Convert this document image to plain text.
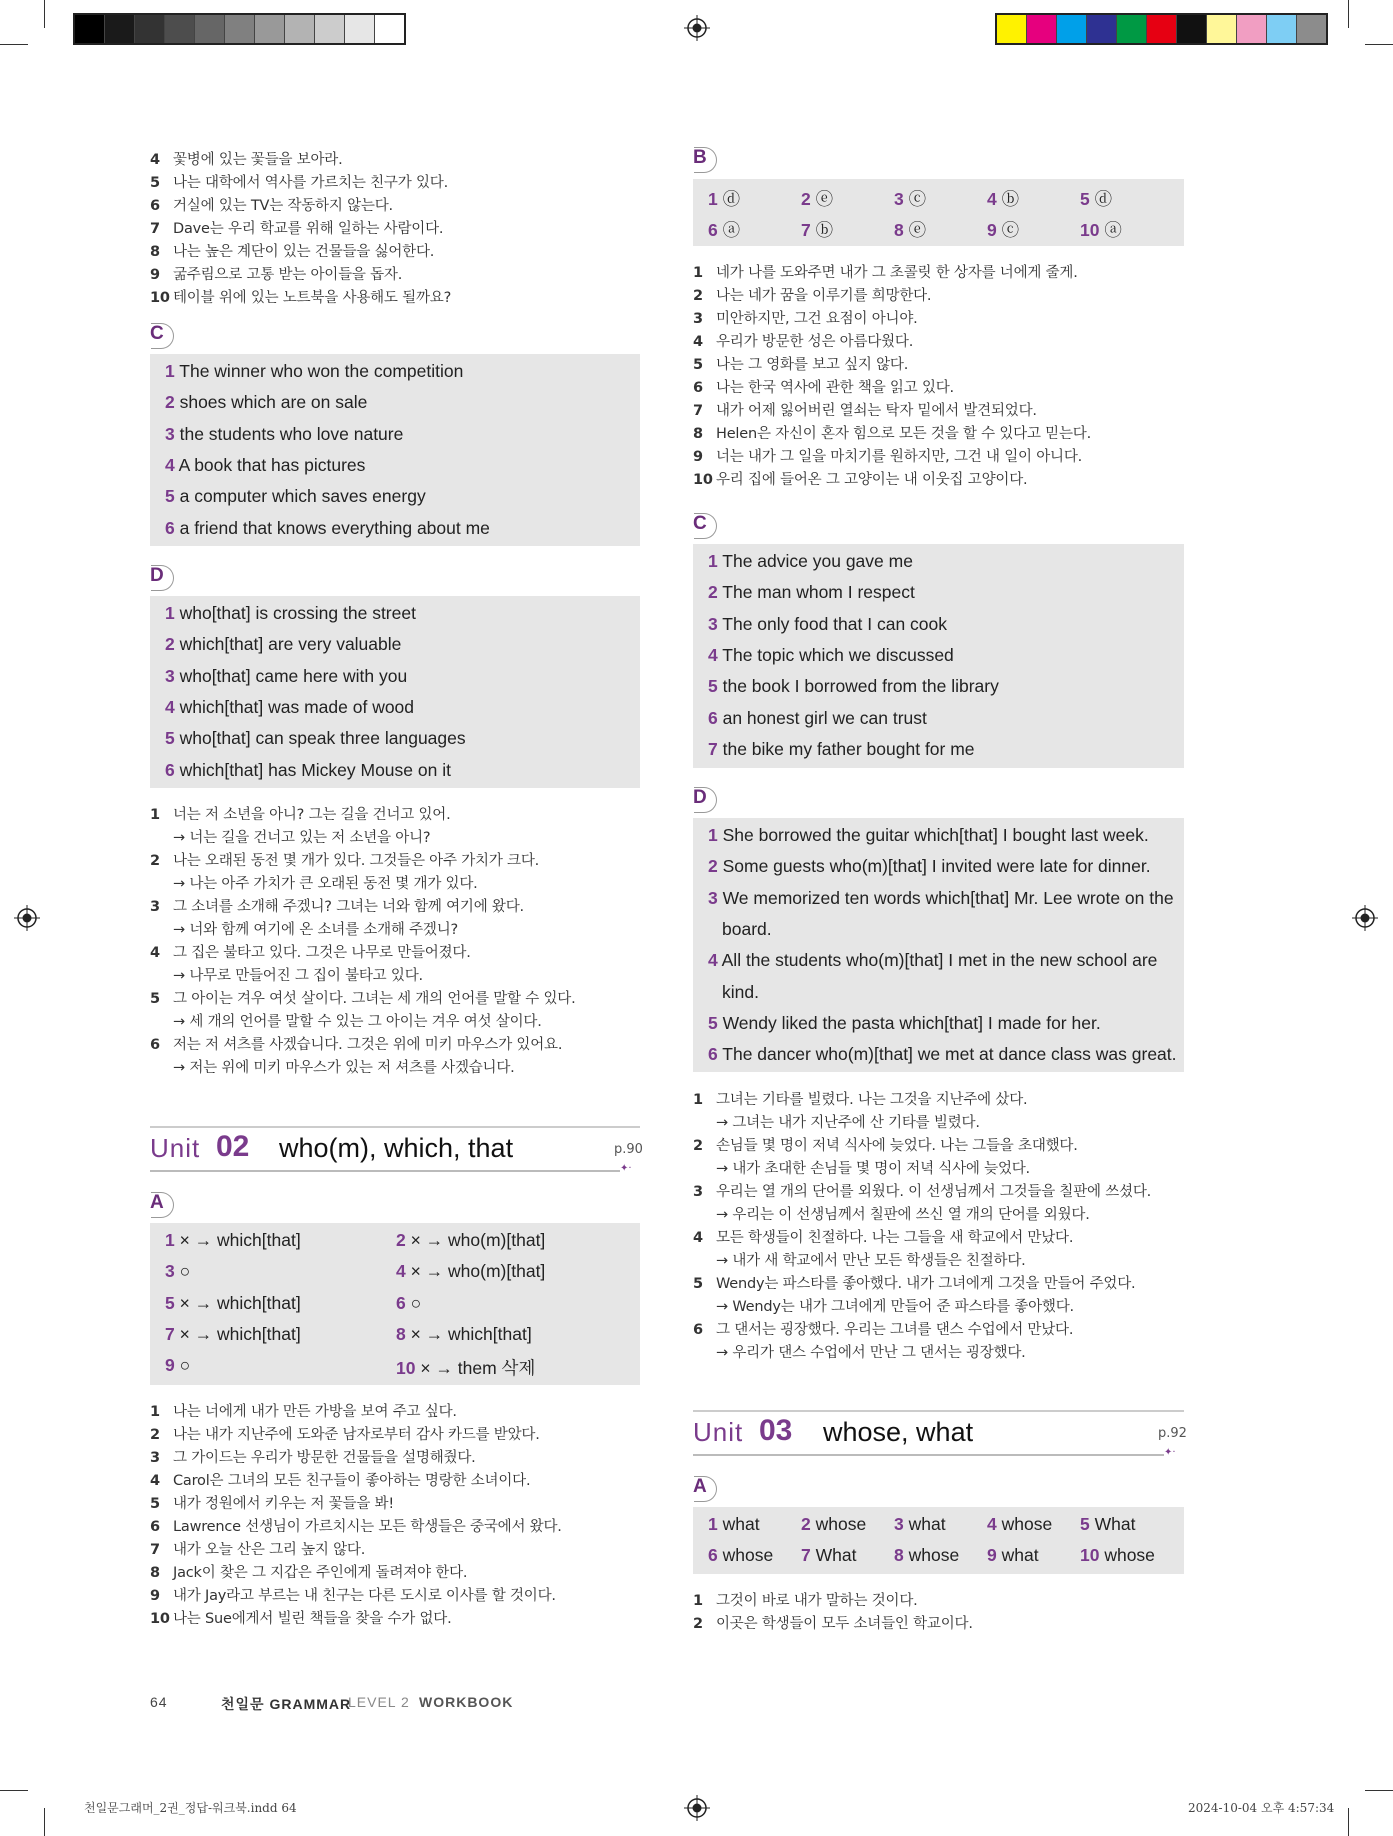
4 꽃병에 있는 꽃들을 보아라.
5 나는 대학에서 역사를 가르치는 친구가 있다.
6 거실에 있는 TV는 작동하지 않는다.
7 Dave는 우리 학교를 위해 일하는 사람이다.
8 나는 높은 계단이 있는 건물들을 싫어한다.
9 굶주림으로 고통 받는 아이들을 돕자.
10 테이블 위에 있는 노트북을 사용해도 될까요?
C
1 The winner who won the competition
2 shoes which are on sale
3 the students who love nature
4 A book that has pictures
5 a computer which saves energy
6 a friend that knows everything about me
D
1 who[that] is crossing the street
2 which[that] are very valuable
3 who[that] came here with you
4 which[that] was made of wood
5 who[that] can speak three languages
6 which[that] has Mickey Mouse on it
1 너는 저 소년을 아니? 그는 길을 건너고 있어.
→ 너는 길을 건너고 있는 저 소년을 아니?
2 나는 오래된 동전 몇 개가 있다. 그것들은 아주 가치가 크다.
→ 나는 아주 가치가 큰 오래된 동전 몇 개가 있다.
3 그 소녀를 소개해 주겠니? 그녀는 너와 함께 여기에 왔다.
→ 너와 함께 여기에 온 소녀를 소개해 주겠니?
4 그 집은 불타고 있다. 그것은 나무로 만들어졌다.
→ 나무로 만들어진 그 집이 불타고 있다.
5 그 아이는 겨우 여섯 살이다. 그녀는 세 개의 언어를 말할 수 있다.
→ 세 개의 언어를 말할 수 있는 그 아이는 겨우 여섯 살이다.
6 저는 저 셔츠를 사겠습니다. 그것은 위에 미키 마우스가 있어요.
→ 저는 위에 미키 마우스가 있는 저 셔츠를 사겠습니다.
Unit 02 who(m), which, that	p.90
✦·
A
1 × → which[that]	2 × → who(m)[that]
3 ○	4 × → who(m)[that]
5 × → which[that]	6 ○
7 × → which[that]	8 × → which[that]
9 ○	10 × → them 삭제
1 나는 너에게 내가 만든 가방을 보여 주고 싶다.
2 나는 내가 지난주에 도와준 남자로부터 감사 카드를 받았다.
3 그 가이드는 우리가 방문한 건물들을 설명해줬다.
4 Carol은 그녀의 모든 친구들이 좋아하는 명랑한 소녀이다.
5 내가 정원에서 키우는 저 꽃들을 봐!
6 Lawrence 선생님이 가르치시는 모든 학생들은 중국에서 왔다.
7 내가 오늘 산은 그리 높지 않다.
8 Jack이 찾은 그 지갑은 주인에게 돌려져야 한다.
9 내가 Jay라고 부르는 내 친구는 다른 도시로 이사를 할 것이다.
10 나는 Sue에게서 빌린 책들을 찾을 수가 없다.
B
1 ⓓ	2 ⓔ	3 ⓒ	4 ⓑ	5 ⓓ
6 ⓐ	7 ⓑ	8 ⓔ	9 ⓒ	10 ⓐ
1 네가 나를 도와주면 내가 그 초콜릿 한 상자를 너에게 줄게.
2 나는 네가 꿈을 이루기를 희망한다.
3 미안하지만, 그건 요점이 아니야.
4 우리가 방문한 성은 아름다웠다.
5 나는 그 영화를 보고 싶지 않다.
6 나는 한국 역사에 관한 책을 읽고 있다.
7 내가 어제 잃어버린 열쇠는 탁자 밑에서 발견되었다.
8 Helen은 자신이 혼자 힘으로 모든 것을 할 수 있다고 믿는다.
9 너는 내가 그 일을 마치기를 원하지만, 그건 내 일이 아니다.
10 우리 집에 들어온 그 고양이는 내 이웃집 고양이다.
C
1 The advice you gave me
2 The man whom I respect
3 The only food that I can cook
4 The topic which we discussed
5 the book I borrowed from the library
6 an honest girl we can trust
7 the bike my father bought for me
D
1 She borrowed the guitar which[that] I bought last week.
2 Some guests who(m)[that] I invited were late for dinner.
3 We memorized ten words which[that] Mr. Lee wrote on the
board.
4 All the students who(m)[that] I met in the new school are
kind.
5 Wendy liked the pasta which[that] I made for her.
6 The dancer who(m)[that] we met at dance class was great.
1 그녀는 기타를 빌렸다. 나는 그것을 지난주에 샀다.
→ 그녀는 내가 지난주에 산 기타를 빌렸다.
2 손님들 몇 명이 저녁 식사에 늦었다. 나는 그들을 초대했다.
→ 내가 초대한 손님들 몇 명이 저녁 식사에 늦었다.
3 우리는 열 개의 단어를 외웠다. 이 선생님께서 그것들을 칠판에 쓰셨다.
→ 우리는 이 선생님께서 칠판에 쓰신 열 개의 단어를 외웠다.
4 모든 학생들이 친절하다. 나는 그들을 새 학교에서 만났다.
→ 내가 새 학교에서 만난 모든 학생들은 친절하다.
5 Wendy는 파스타를 좋아했다. 내가 그녀에게 그것을 만들어 주었다.
→ Wendy는 내가 그녀에게 만들어 준 파스타를 좋아했다.
6 그 댄서는 굉장했다. 우리는 그녀를 댄스 수업에서 만났다.
→ 우리가 댄스 수업에서 만난 그 댄서는 굉장했다.
Unit 03 whose, what	p.92
✦·
A
1 what 2 whose 3 what 4 whose 5 What
6 whose 7 What 8 whose 9 what 10 whose
1 그것이 바로 내가 말하는 것이다.
2 이곳은 학생들이 모두 소녀들인 학교이다.
64	천일문 GRAMMAR
LEVEL 2 WORKBOOK
천일문그래머_2권_정답-워크북.indd 64	2024-10-04 오후 4:57:34
